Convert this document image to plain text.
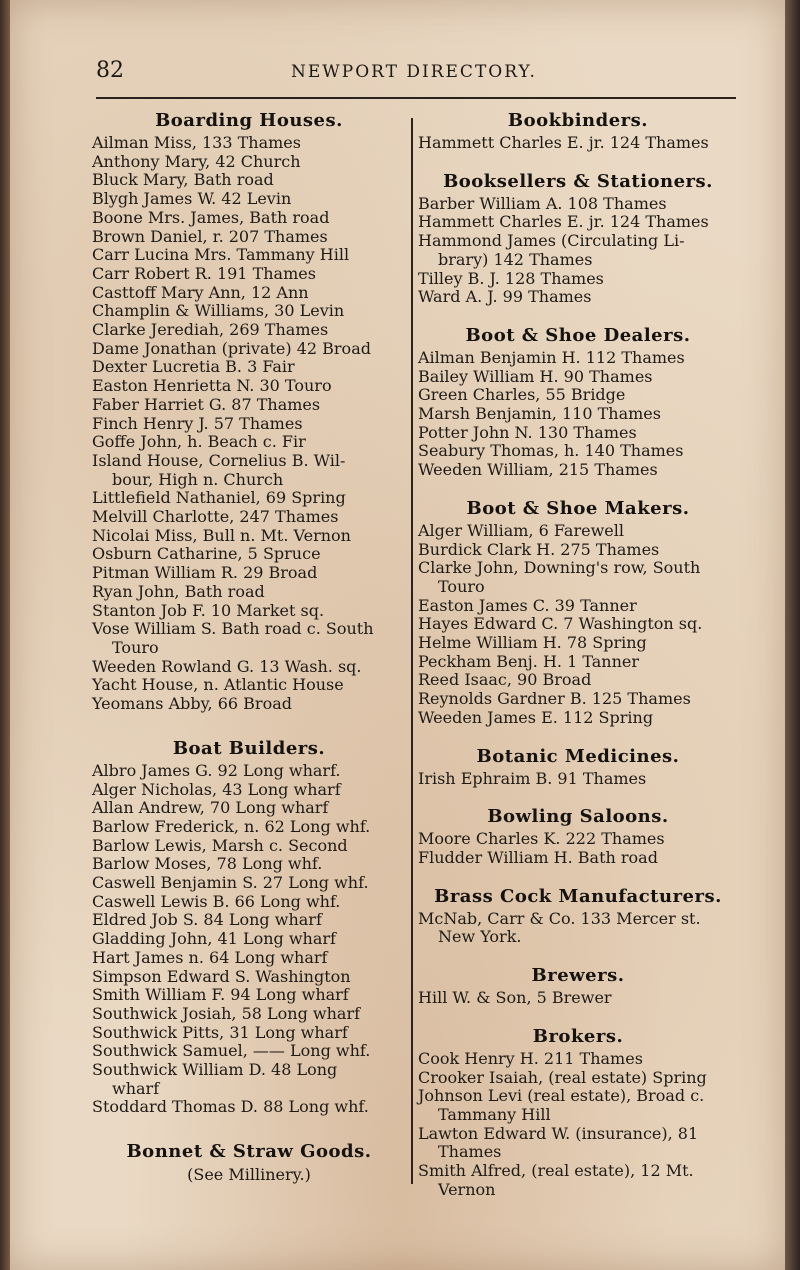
82	NEWPORT DIRECTORY.
Boarding Houses.
Ailman Miss, 133 Thames
Anthony Mary, 42 Church
Bluck Mary, Bath road
Blygh James W. 42 Levin
Boone Mrs. James, Bath road
Brown Daniel, r. 207 Thames
Carr Lucina Mrs. Tammany Hill
Carr Robert R. 191 Thames
Casttoff Mary Ann, 12 Ann
Champlin & Williams, 30 Levin
Clarke Jerediah, 269 Thames
Dame Jonathan (private) 42 Broad
Dexter Lucretia B. 3 Fair
Easton Henrietta N. 30 Touro
Faber Harriet G. 87 Thames
Finch Henry J. 57 Thames
Goffe John, h. Beach c. Fir
Island House, Cornelius B. Wil-
bour, High n. Church
Littlefield Nathaniel, 69 Spring
Melvill Charlotte, 247 Thames
Nicolai Miss, Bull n. Mt. Vernon
Osburn Catharine, 5 Spruce
Pitman William R. 29 Broad
Ryan John, Bath road
Stanton Job F. 10 Market sq.
Vose William S. Bath road c. South
Touro
Weeden Rowland G. 13 Wash. sq.
Yacht House, n. Atlantic House
Yeomans Abby, 66 Broad
Boat Builders.
Albro James G. 92 Long wharf.
Alger Nicholas, 43 Long wharf
Allan Andrew, 70 Long wharf
Barlow Frederick, n. 62 Long whf.
Barlow Lewis, Marsh c. Second
Barlow Moses, 78 Long whf.
Caswell Benjamin S. 27 Long whf.
Caswell Lewis B. 66 Long whf.
Eldred Job S. 84 Long wharf
Gladding John, 41 Long wharf
Hart James n. 64 Long wharf
Simpson Edward S. Washington
Smith William F. 94 Long wharf
Southwick Josiah, 58 Long wharf
Southwick Pitts, 31 Long wharf
Southwick Samuel, —— Long whf.
Southwick William D. 48 Long
wharf
Stoddard Thomas D. 88 Long whf.
Bonnet & Straw Goods.
(See Millinery.)
Bookbinders.
Hammett Charles E. jr. 124 Thames
Booksellers & Stationers.
Barber William A. 108 Thames
Hammett Charles E. jr. 124 Thames
Hammond James (Circulating Li-
brary) 142 Thames
Tilley B. J. 128 Thames
Ward A. J. 99 Thames
Boot & Shoe Dealers.
Ailman Benjamin H. 112 Thames
Bailey William H. 90 Thames
Green Charles, 55 Bridge
Marsh Benjamin, 110 Thames
Potter John N. 130 Thames
Seabury Thomas, h. 140 Thames
Weeden William, 215 Thames
Boot & Shoe Makers.
Alger William, 6 Farewell
Burdick Clark H. 275 Thames
Clarke John, Downing's row, South
Touro
Easton James C. 39 Tanner
Hayes Edward C. 7 Washington sq.
Helme William H. 78 Spring
Peckham Benj. H. 1 Tanner
Reed Isaac, 90 Broad
Reynolds Gardner B. 125 Thames
Weeden James E. 112 Spring
Botanic Medicines.
Irish Ephraim B. 91 Thames
Bowling Saloons.
Moore Charles K. 222 Thames
Fludder William H. Bath road
Brass Cock Manufacturers.
McNab, Carr & Co. 133 Mercer st.
New York.
Brewers.
Hill W. & Son, 5 Brewer
Brokers.
Cook Henry H. 211 Thames
Crooker Isaiah, (real estate) Spring
Johnson Levi (real estate), Broad c.
Tammany Hill
Lawton Edward W. (insurance), 81
Thames
Smith Alfred, (real estate), 12 Mt.
Vernon
